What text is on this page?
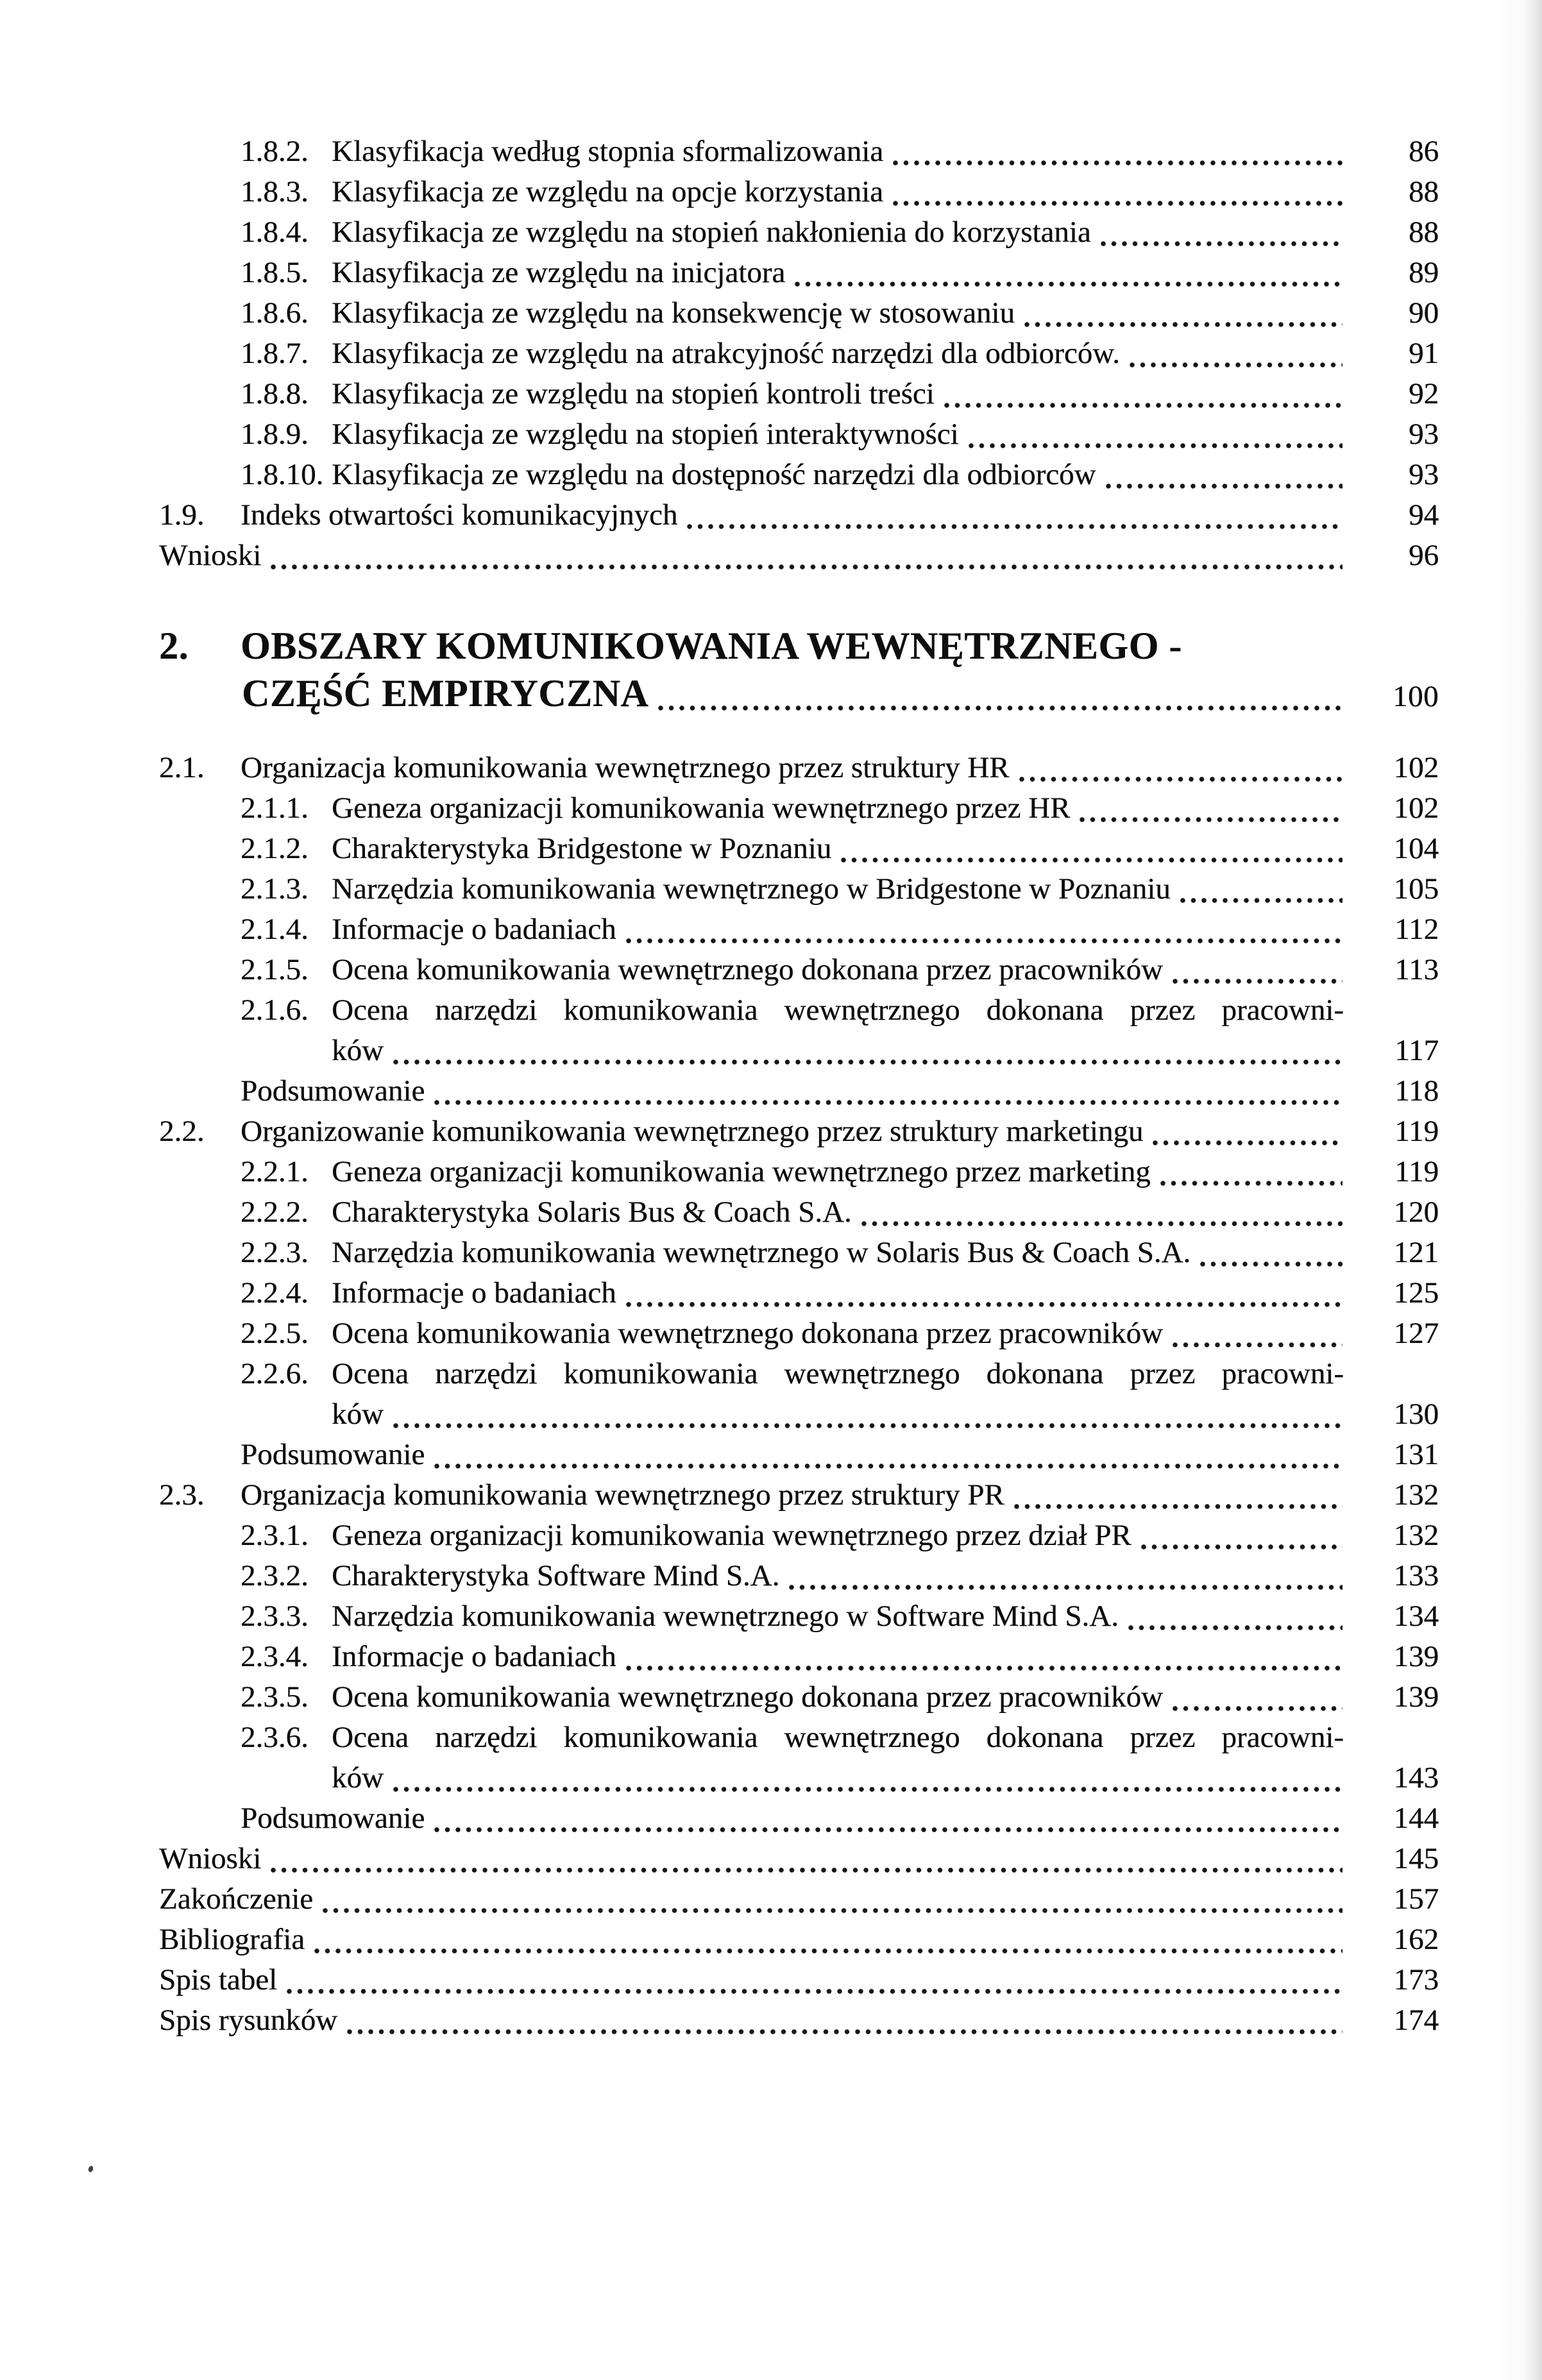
1.8.2. Klasyfikacja według stopnia sformalizowania	86
1.8.3. Klasyfikacja ze względu na opcje korzystania	88
1.8.4. Klasyfikacja ze względu na stopień nakłonienia do korzystania	88
1.8.5. Klasyfikacja ze względu na inicjatora	89
1.8.6. Klasyfikacja ze względu na konsekwencję w stosowaniu	90
1.8.7. Klasyfikacja ze względu na atrakcyjność narzędzi dla odbiorców.	91
1.8.8. Klasyfikacja ze względu na stopień kontroli treści	92
1.8.9. Klasyfikacja ze względu na stopień interaktywności	93
1.8.10. Klasyfikacja ze względu na dostępność narzędzi dla odbiorców	93
1.9.	Indeks otwartości komunikacyjnych	94
Wnioski	96
2.	OBSZARY KOMUNIKOWANIA WEWNĘTRZNEGO -
CZĘŚĆ EMPIRYCZNA	100
2.1.	Organizacja komunikowania wewnętrznego przez struktury HR	102
2.1.1. Geneza organizacji komunikowania wewnętrznego przez HR	102
2.1.2. Charakterystyka Bridgestone w Poznaniu	104
2.1.3. Narzędzia komunikowania wewnętrznego w Bridgestone w Poznaniu	105
2.1.4. Informacje o badaniach	112
2.1.5. Ocena komunikowania wewnętrznego dokonana przez pracowników	113
2.1.6. Ocena narzędzi komunikowania wewnętrznego dokonana przez pracowni-
ków	117
Podsumowanie	118
2.2.	Organizowanie komunikowania wewnętrznego przez struktury marketingu	119
2.2.1. Geneza organizacji komunikowania wewnętrznego przez marketing	119
2.2.2. Charakterystyka Solaris Bus & Coach S.A.	120
2.2.3. Narzędzia komunikowania wewnętrznego w Solaris Bus & Coach S.A.	121
2.2.4. Informacje o badaniach	125
2.2.5. Ocena komunikowania wewnętrznego dokonana przez pracowników	127
2.2.6. Ocena narzędzi komunikowania wewnętrznego dokonana przez pracowni-
ków	130
Podsumowanie	131
2.3.	Organizacja komunikowania wewnętrznego przez struktury PR	132
2.3.1. Geneza organizacji komunikowania wewnętrznego przez dział PR	132
2.3.2. Charakterystyka Software Mind S.A.	133
2.3.3. Narzędzia komunikowania wewnętrznego w Software Mind S.A.	134
2.3.4. Informacje o badaniach	139
2.3.5. Ocena komunikowania wewnętrznego dokonana przez pracowników	139
2.3.6. Ocena narzędzi komunikowania wewnętrznego dokonana przez pracowni-
ków	143
Podsumowanie	144
Wnioski	145
Zakończenie	157
Bibliografia	162
Spis tabel	173
Spis rysunków	174
